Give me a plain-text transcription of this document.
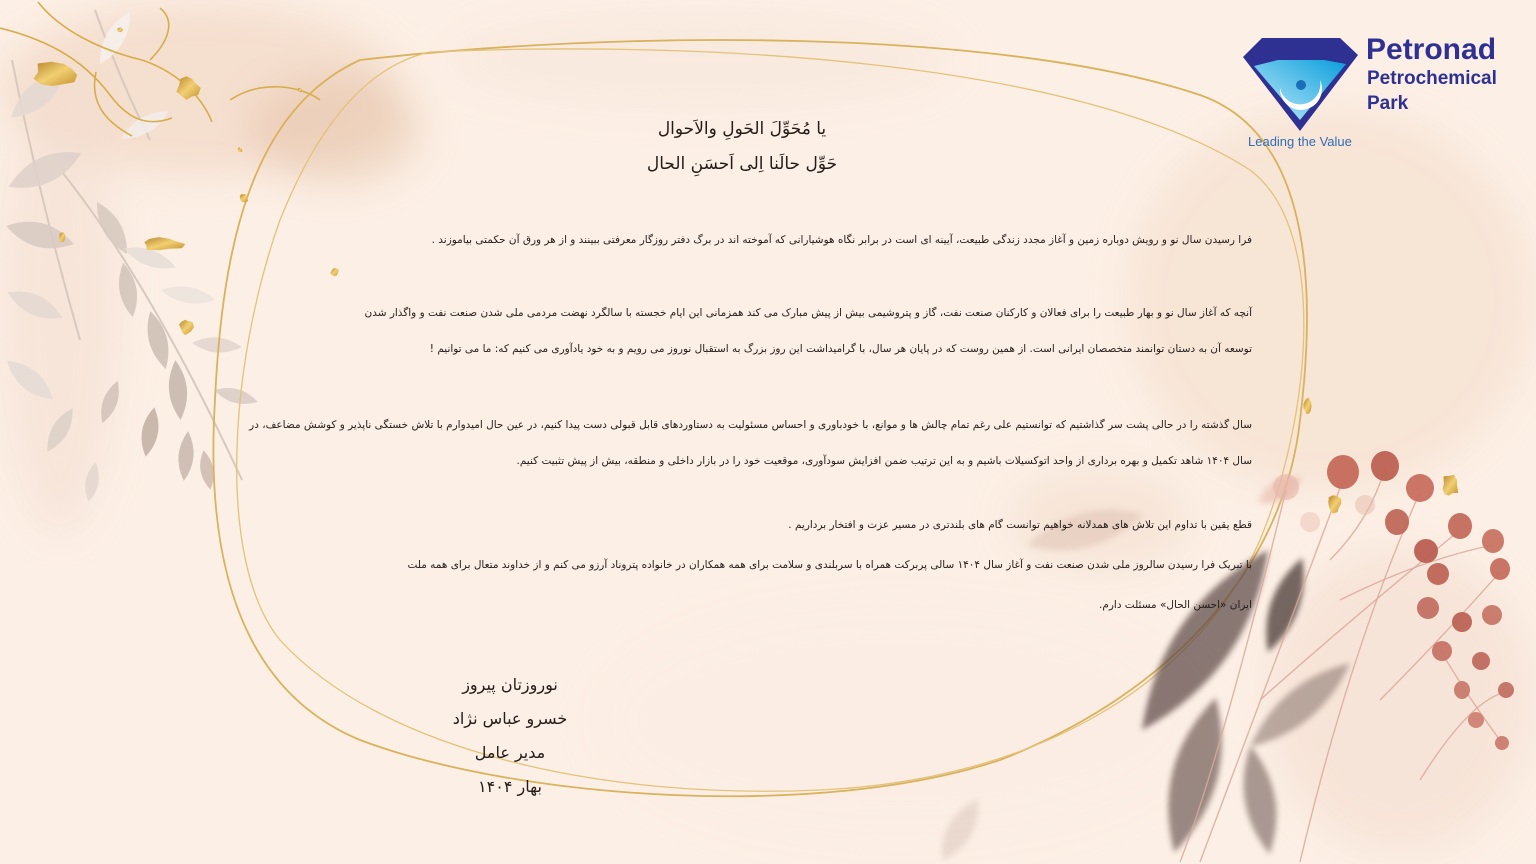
Petronad
Petrochemical
Park
Leading the Value
یا مُحَوِّلَ الحَولِ والاَحوال
حَوِّل حالَنا اِلی اَحسَنِ الحال
فرا رسیدن سال نو و رویش دوباره زمین و آغاز مجدد زندگی طبیعت، آیینه ای است در برابر نگاه هوشیارانی که آموخته اند در برگ دفتر روزگار معرفتی ببینند و از هر ورق آن حکمتی بیاموزند .
آنچه که آغاز سال نو و بهار طبیعت را برای فعالان و کارکنان صنعت نفت، گاز و پتروشیمی بیش از پیش مبارک می کند همزمانی این ایام خجسته با سالگرد نهضت مردمی ملی شدن صنعت نفت و واگذار شدن
توسعه آن به دستان توانمند متخصصان ایرانی است. از همین روست که در پایان هر سال، با گرامیداشت این روز بزرگ به استقبال نوروز می رویم و به خود یادآوری می کنیم که: ما می توانیم !
سال گذشته را در حالی پشت سر گذاشتیم که توانستیم علی رغم تمام چالش ها و موانع، با خودباوری و احساس مسئولیت به دستاوردهای قابل قبولی دست پیدا کنیم، در عین حال امیدوارم با تلاش خستگی ناپذیر و کوشش مضاعف، در
سال ۱۴۰۴ شاهد تکمیل و بهره برداری از واحد اتوکسیلات باشیم و به این ترتیب ضمن افزایش سودآوری، موقعیت خود را در بازار داخلی و منطقه، بیش از پیش تثبیت کنیم.
قطع یقین با تداوم این تلاش های همدلانه خواهیم توانست گام های بلندتری در مسیر عزت و افتخار برداریم .
با تبریک فرا رسیدن سالروز ملی شدن صنعت نفت و آغاز سال ۱۴۰۴ سالی پربرکت همراه با سربلندی و سلامت برای همه همکاران در خانواده پتروناد آرزو می کنم و از خداوند متعال برای همه ملت
ایران «احسن الحال» مسئلت دارم.
نوروزتان پیروز
خسرو عباس نژاد
مدیر عامل
بهار ۱۴۰۴
